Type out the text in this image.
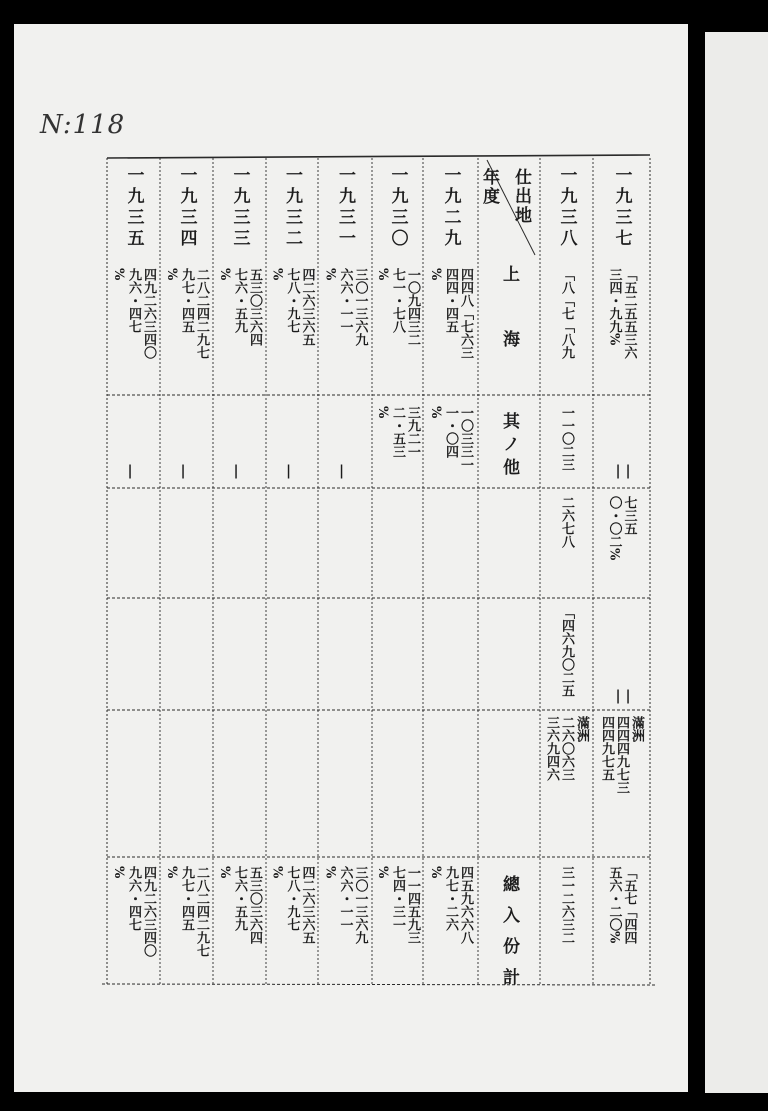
N:118
仕出地
年度
上
海
其ノ他
總入份計
一九三七
「五二五五三六
三四・九九%
| |
七三五
〇・〇二%
| |
滿洲
四四四九七三
四四九七五
「五七「四四
五六・二〇%
一九三八
「八「七「八九
一一〇二三
二六七八
「四六九〇二五
滿洲
二六〇六三
三六九四六
三一二六三二
一九二九
四四八「七六三
四四・四五
%
一〇三三一
一・〇四
%
四五九六六八
九七・二六
%
一九三〇
一〇九四三二
七一・七八
%
三九二一
二・五三
%
一一四五九三
七四・三一
%
一九三一
三〇一三六九
六六・一一
%
|
三〇一三六九
六六・一一
%
一九三二
四二六三六五
七八・九七
%
|
四二六三六五
七八・九七
%
一九三三
五三〇三六四
七六・五九
%
|
五三〇三六四
七六・五九
%
一九三四
二八二四二九七
九七・四五
%
|
二八二四二九七
九七・四五
%
一九三五
四九二六三四〇
九六・四七
%
|
四九二六三四〇
九六・四七
%
